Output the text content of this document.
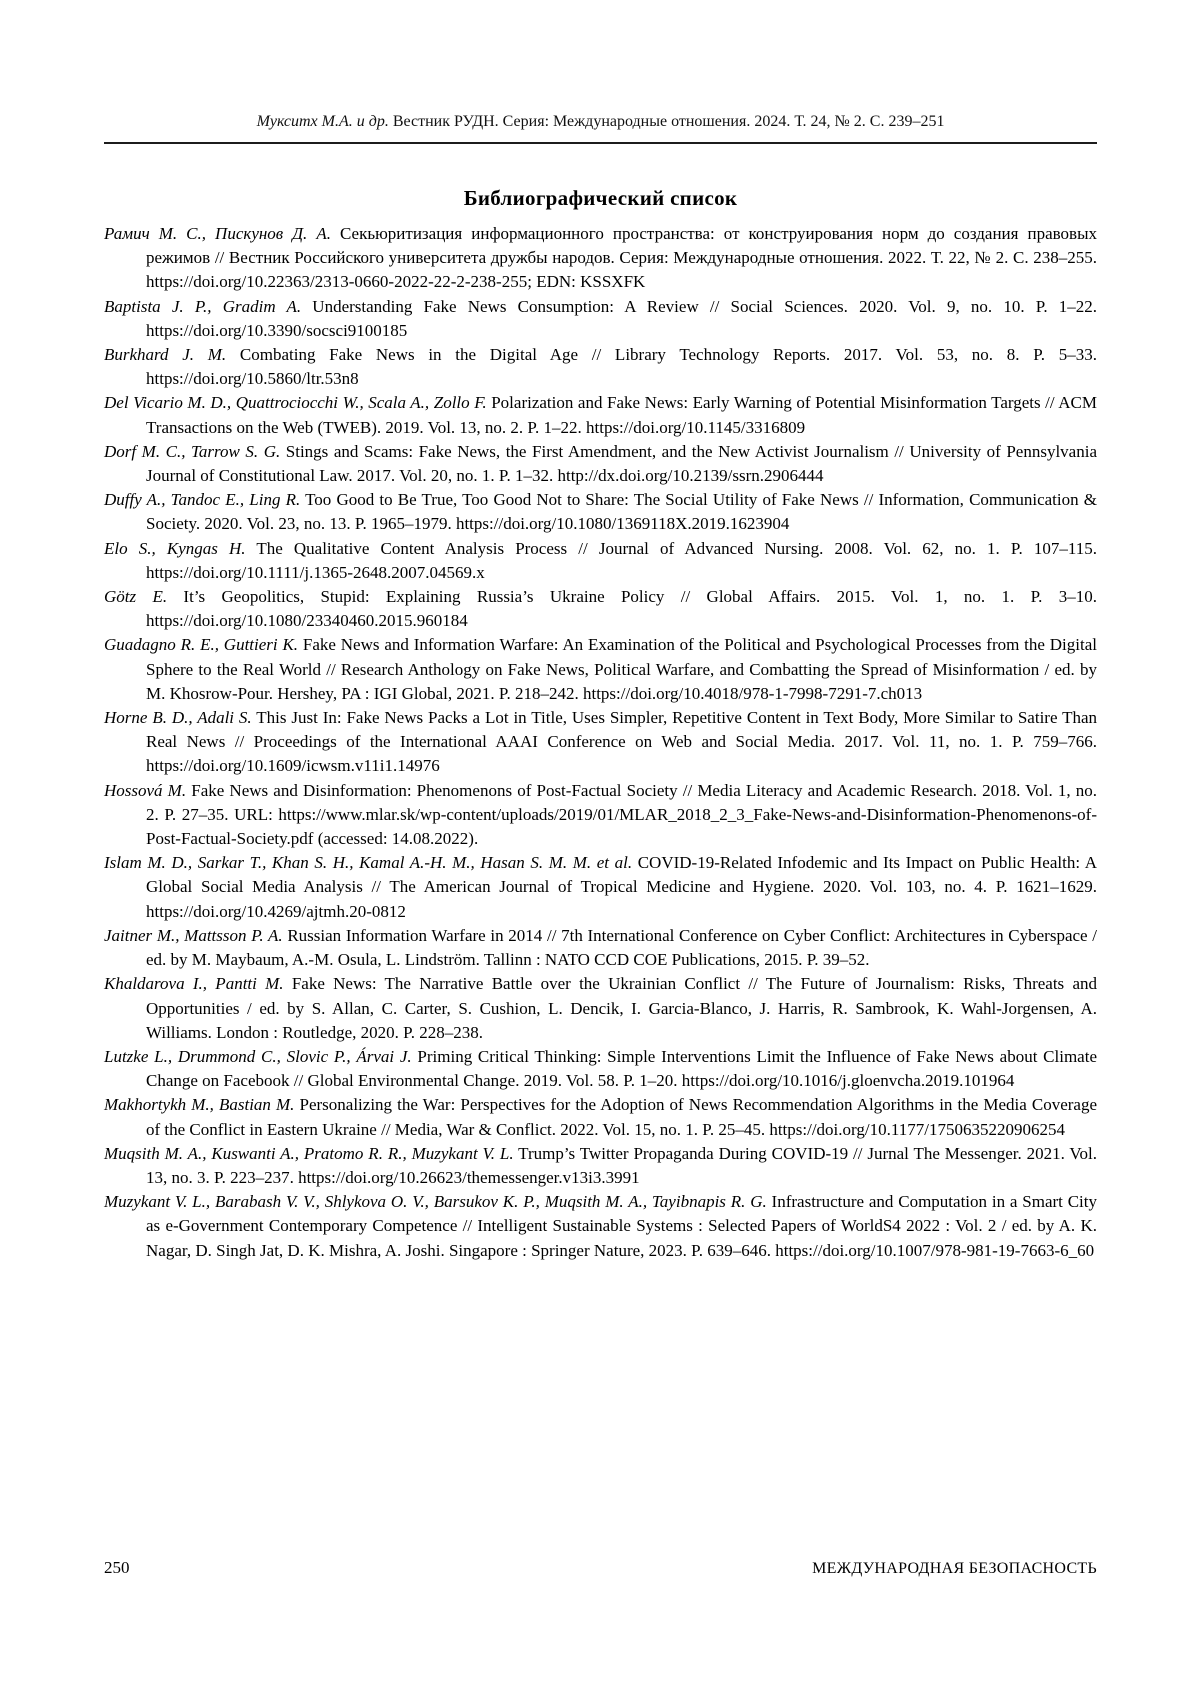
Мукситх М.А. и др. Вестник РУДН. Серия: Международные отношения. 2024. Т. 24, № 2. С. 239–251
Библиографический список

Рамич М. С., Пискунов Д. А. Секьюритизация информационного пространства: от конструирования норм до создания правовых режимов // Вестник Российского университета дружбы народов. Серия: Международные отношения. 2022. Т. 22, № 2. С. 238–255. https://doi.org/10.22363/2313-0660-2022-22-2-238-255; EDN: KSSXFK

Baptista J. P., Gradim A. Understanding Fake News Consumption: A Review // Social Sciences. 2020. Vol. 9, no. 10. P. 1–22. https://doi.org/10.3390/socsci9100185

Burkhard J. M. Combating Fake News in the Digital Age // Library Technology Reports. 2017. Vol. 53, no. 8. P. 5–33. https://doi.org/10.5860/ltr.53n8

Del Vicario M. D., Quattrociocchi W., Scala A., Zollo F. Polarization and Fake News: Early Warning of Potential Misinformation Targets // ACM Transactions on the Web (TWEB). 2019. Vol. 13, no. 2. P. 1–22. https://doi.org/10.1145/3316809

Dorf M. C., Tarrow S. G. Stings and Scams: Fake News, the First Amendment, and the New Activist Journalism // University of Pennsylvania Journal of Constitutional Law. 2017. Vol. 20, no. 1. P. 1–32. http://dx.doi.org/10.2139/ssrn.2906444

Duffy A., Tandoc E., Ling R. Too Good to Be True, Too Good Not to Share: The Social Utility of Fake News // Information, Communication & Society. 2020. Vol. 23, no. 13. P. 1965–1979. https://doi.org/10.1080/1369118X.2019.1623904

Elo S., Kyngas H. The Qualitative Content Analysis Process // Journal of Advanced Nursing. 2008. Vol. 62, no. 1. P. 107–115. https://doi.org/10.1111/j.1365-2648.2007.04569.x

Götz E. It’s Geopolitics, Stupid: Explaining Russia’s Ukraine Policy // Global Affairs. 2015. Vol. 1, no. 1. P. 3–10. https://doi.org/10.1080/23340460.2015.960184

Guadagno R. E., Guttieri K. Fake News and Information Warfare: An Examination of the Political and Psychological Processes from the Digital Sphere to the Real World // Research Anthology on Fake News, Political Warfare, and Combatting the Spread of Misinformation / ed. by M. Khosrow-Pour. Hershey, PA : IGI Global, 2021. P. 218–242. https://doi.org/10.4018/978-1-7998-7291-7.ch013

Horne B. D., Adali S. This Just In: Fake News Packs a Lot in Title, Uses Simpler, Repetitive Content in Text Body, More Similar to Satire Than Real News // Proceedings of the International AAAI Conference on Web and Social Media. 2017. Vol. 11, no. 1. P. 759–766. https://doi.org/10.1609/icwsm.v11i1.14976

Hossová M. Fake News and Disinformation: Phenomenons of Post-Factual Society // Media Literacy and Academic Research. 2018. Vol. 1, no. 2. P. 27–35. URL: https://www.mlar.sk/wp-content/uploads/2019/01/MLAR_2018_2_3_Fake-News-and-Disinformation-Phenomenons-of-Post-Factual-Society.pdf (accessed: 14.08.2022).

Islam M. D., Sarkar T., Khan S. H., Kamal A.-H. M., Hasan S. M. M. et al. COVID-19-Related Infodemic and Its Impact on Public Health: A Global Social Media Analysis // The American Journal of Tropical Medicine and Hygiene. 2020. Vol. 103, no. 4. P. 1621–1629. https://doi.org/10.4269/ajtmh.20-0812

Jaitner M., Mattsson P. A. Russian Information Warfare in 2014 // 7th International Conference on Cyber Conflict: Architectures in Cyberspace / ed. by M. Maybaum, A.-M. Osula, L. Lindström. Tallinn : NATO CCD COE Publications, 2015. P. 39–52.

Khaldarova I., Pantti M. Fake News: The Narrative Battle over the Ukrainian Conflict // The Future of Journalism: Risks, Threats and Opportunities / ed. by S. Allan, C. Carter, S. Cushion, L. Dencik, I. Garcia-Blanco, J. Harris, R. Sambrook, K. Wahl-Jorgensen, A. Williams. London : Routledge, 2020. P. 228–238.

Lutzke L., Drummond C., Slovic P., Árvai J. Priming Critical Thinking: Simple Interventions Limit the Influence of Fake News about Climate Change on Facebook // Global Environmental Change. 2019. Vol. 58. P. 1–20. https://doi.org/10.1016/j.gloenvcha.2019.101964

Makhortykh M., Bastian M. Personalizing the War: Perspectives for the Adoption of News Recommendation Algorithms in the Media Coverage of the Conflict in Eastern Ukraine // Media, War & Conflict. 2022. Vol. 15, no. 1. P. 25–45. https://doi.org/10.1177/1750635220906254

Muqsith M. A., Kuswanti A., Pratomo R. R., Muzykant V. L. Trump’s Twitter Propaganda During COVID-19 // Jurnal The Messenger. 2021. Vol. 13, no. 3. P. 223–237. https://doi.org/10.26623/themessenger.v13i3.3991

Muzykant V. L., Barabash V. V., Shlykova O. V., Barsukov K. P., Muqsith M. A., Tayibnapis R. G. Infrastructure and Computation in a Smart City as e-Government Contemporary Competence // Intelligent Sustainable Systems : Selected Papers of WorldS4 2022 : Vol. 2 / ed. by A. K. Nagar, D. Singh Jat, D. K. Mishra, A. Joshi. Singapore : Springer Nature, 2023. P. 639–646. https://doi.org/10.1007/978-981-19-7663-6_60

250	МЕЖДУНАРОДНАЯ БЕЗОПАСНОСТЬ
